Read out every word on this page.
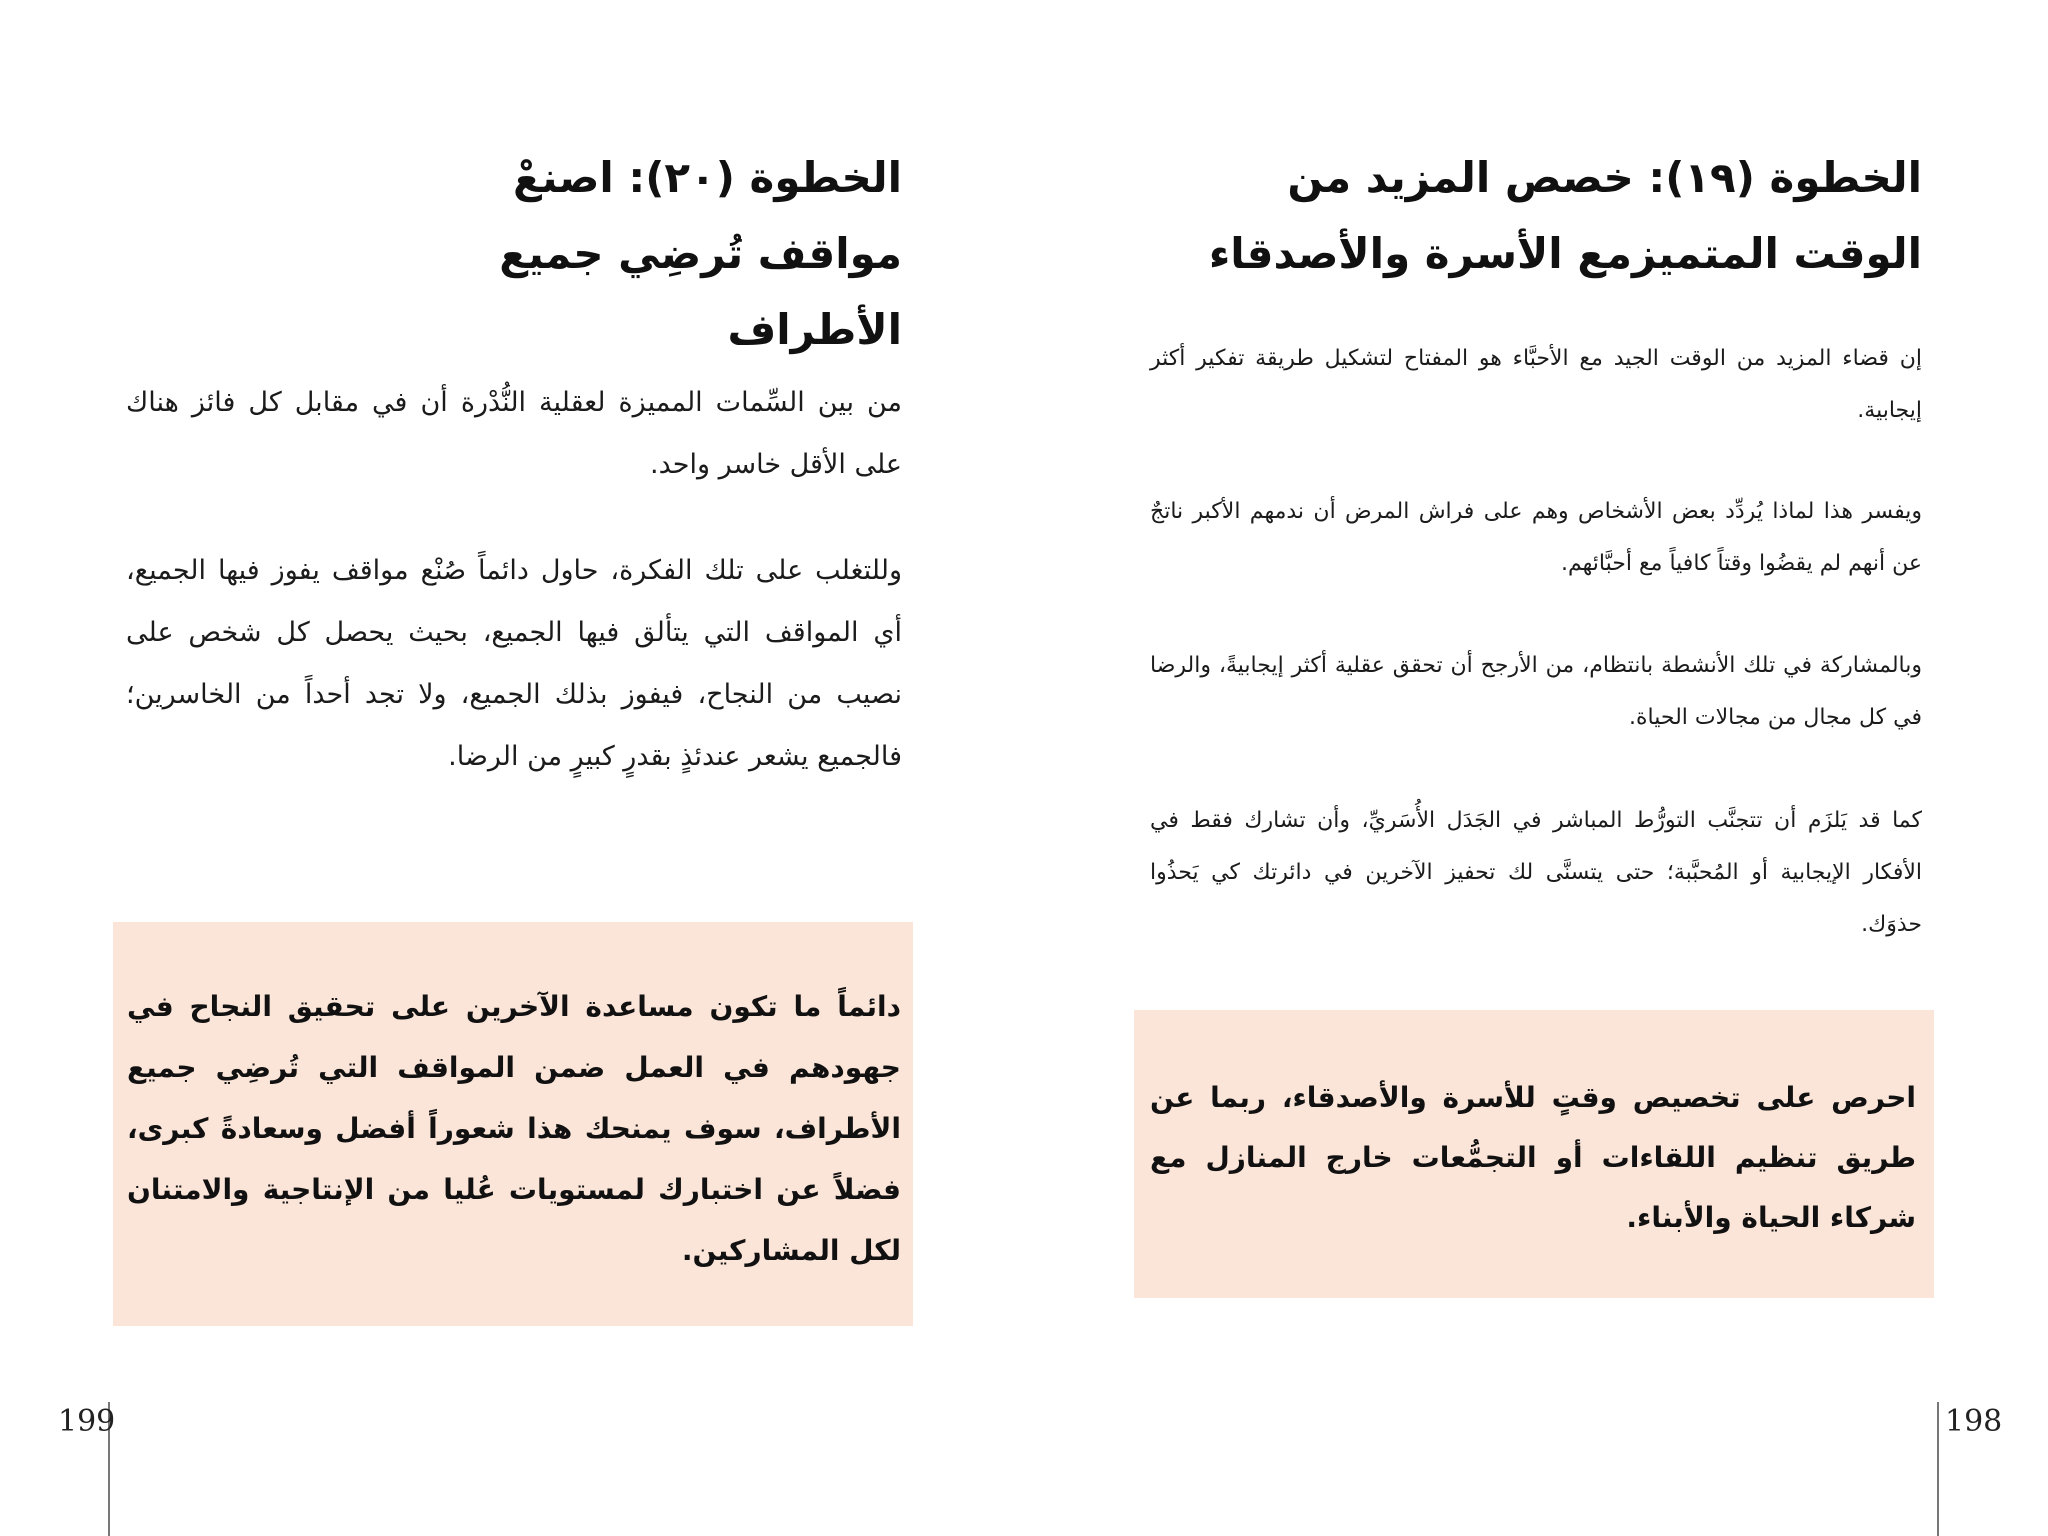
الخطوة (١٩): خصص المزيد من الوقت المتميزمع الأسرة والأصدقاء

إن قضاء المزيد من الوقت الجيد مع الأحبَّاء هو المفتاح لتشكيل طريقة تفكير أكثر إيجابية.

ويفسر هذا لماذا يُردِّد بعض الأشخاص وهم على فراش المرض أن ندمهم الأكبر ناتجٌ عن أنهم لم يقضُوا وقتاً كافياً مع أحبَّائهم.

وبالمشاركة في تلك الأنشطة بانتظام، من الأرجح أن تحقق عقلية أكثر إيجابيةً، والرضا في كل مجال من مجالات الحياة.

كما قد يَلزَم أن تتجنَّب التورُّط المباشر في الجَدَل الأُسَريِّ، وأن تشارك فقط في الأفكار الإيجابية أو المُحبَّبة؛ حتى يتسنَّى لك تحفيز الآخرين في دائرتك كي يَحذُوا حذوَك.

احرص على تخصيص وقتٍ للأسرة والأصدقاء، ربما عن طريق تنظيم اللقاءات أو التجمُّعات خارج المنازل مع شركاء الحياة والأبناء.

198
الخطوة (٢٠): اصنعْ مواقف تُرضِي جميع الأطراف

من بين السِّمات المميزة لعقلية النُّدْرة أن في مقابل كل فائز هناك على الأقل خاسر واحد.

وللتغلب على تلك الفكرة، حاول دائماً صُنْع مواقف يفوز فيها الجميع، أي المواقف التي يتألق فيها الجميع، بحيث يحصل كل شخص على نصيب من النجاح، فيفوز بذلك الجميع، ولا تجد أحداً من الخاسرين؛ فالجميع يشعر عندئذٍ بقدرٍ كبيرٍ من الرضا.

دائماً ما تكون مساعدة الآخرين على تحقيق النجاح في جهودهم في العمل ضمن المواقف التي تُرضِي جميع الأطراف، سوف يمنحك هذا شعوراً أفضل وسعادةً كبرى، فضلاً عن اختبارك لمستويات عُليا من الإنتاجية والامتنان لكل المشاركين.

199
